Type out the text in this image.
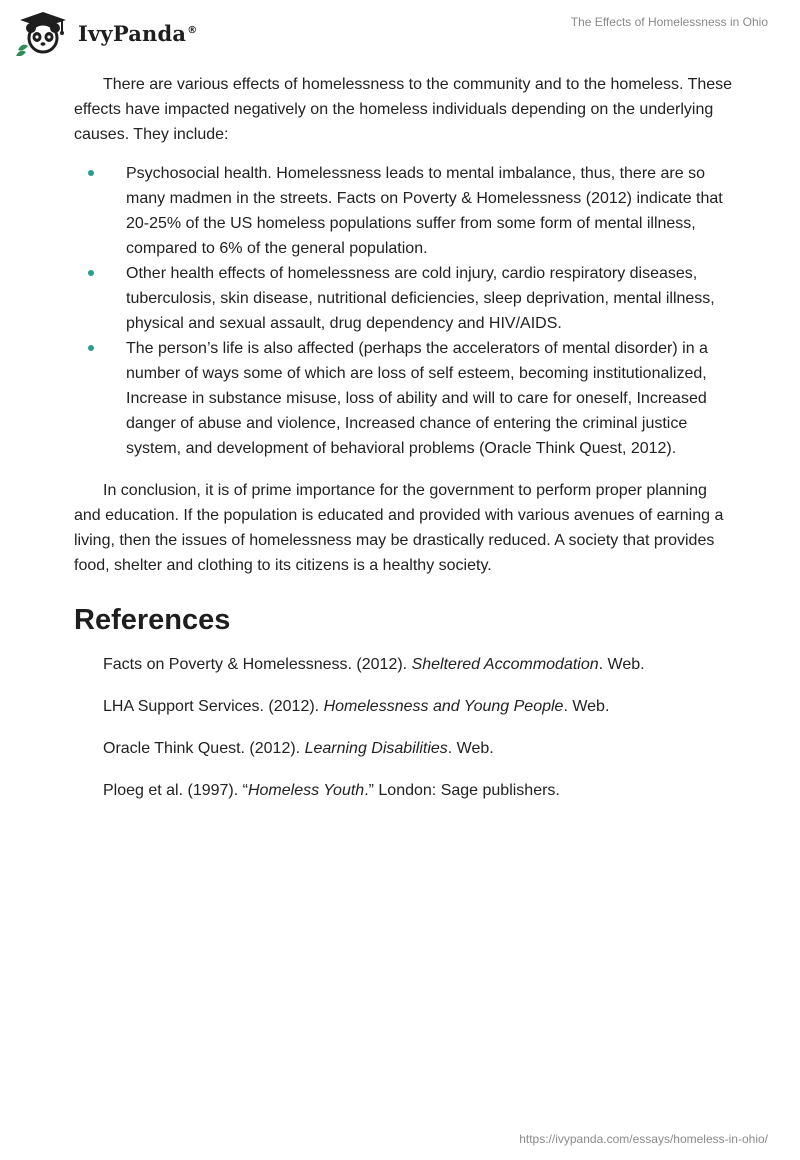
IvyPanda®
The Effects of Homelessness in Ohio

There are various effects of homelessness to the community and to the homeless. These effects have impacted negatively on the homeless individuals depending on the underlying causes. They include:

Psychosocial health. Homelessness leads to mental imbalance, thus, there are so many madmen in the streets. Facts on Poverty & Homelessness (2012) indicate that 20-25% of the US homeless populations suffer from some form of mental illness, compared to 6% of the general population.
Other health effects of homelessness are cold injury, cardio respiratory diseases, tuberculosis, skin disease, nutritional deficiencies, sleep deprivation, mental illness, physical and sexual assault, drug dependency and HIV/AIDS.
The person’s life is also affected (perhaps the accelerators of mental disorder) in a number of ways some of which are loss of self esteem, becoming institutionalized, Increase in substance misuse, loss of ability and will to care for oneself, Increased danger of abuse and violence, Increased chance of entering the criminal justice system, and development of behavioral problems (Oracle Think Quest, 2012).

In conclusion, it is of prime importance for the government to perform proper planning and education. If the population is educated and provided with various avenues of earning a living, then the issues of homelessness may be drastically reduced. A society that provides food, shelter and clothing to its citizens is a healthy society.

References

Facts on Poverty & Homelessness. (2012). Sheltered Accommodation. Web.

LHA Support Services. (2012). Homelessness and Young People. Web.

Oracle Think Quest. (2012). Learning Disabilities. Web.

Ploeg et al. (1997). “Homeless Youth.” London: Sage publishers.

https://ivypanda.com/essays/homeless-in-ohio/
